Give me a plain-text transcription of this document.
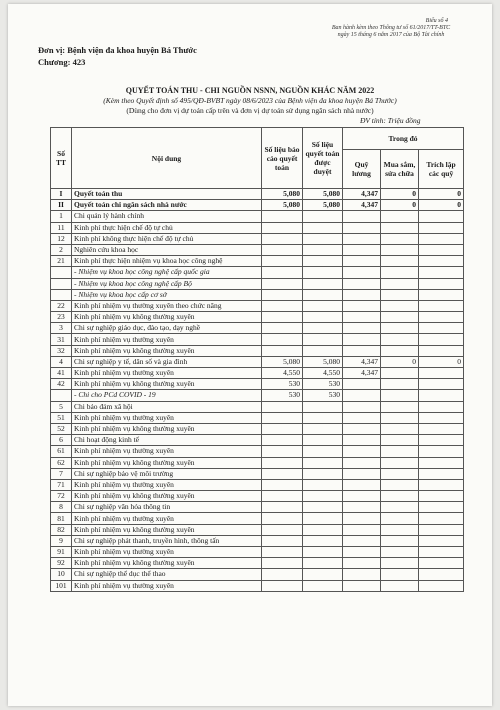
Biểu số 4
Ban hành kèm theo Thông tư số 61/2017/TT-BTC
ngày 15 tháng 6 năm 2017 của Bộ Tài chính
Đơn vị: Bệnh viện đa khoa huyện Bá Thước
Chương: 423
QUYẾT TOÁN THU - CHI NGUỒN NSNN, NGUỒN KHÁC NĂM 2022
(Kèm theo Quyết định số 495/QĐ-BVBT ngày 08/6/2023 của Bệnh viện đa khoa huyện Bá Thước)
(Dùng cho đơn vị dự toán cấp trên và đơn vị dự toán sử dụng ngân sách nhà nước)
ĐV tính: Triệu đồng
Số TT	Nội dung	Số liệu báo cáo quyết toán	Số liệu quyết toán được duyệt	Trong đó		
				Quỹ lương	Mua sắm, sửa chữa	Trích lập các quỹ
I	Quyết toán thu	5,080	5,080	4,347	0	0
II	Quyết toán chi ngân sách nhà nước	5,080	5,080	4,347	0	0
1	Chi quản lý hành chính					
11	Kinh phí thực hiện chế độ tự chủ					
12	Kinh phí không thực hiện chế độ tự chủ					
2	Nghiên cứu khoa học					
21	Kinh phí thực hiện nhiệm vụ khoa học công nghệ					
	- Nhiệm vụ khoa học công nghệ cấp quốc gia					
	- Nhiệm vụ khoa học công nghệ cấp Bộ					
	- Nhiệm vụ khoa học cấp cơ sở					
22	Kinh phí nhiệm vụ thường xuyên theo chức năng					
23	Kinh phí nhiệm vụ không thường xuyên					
3	Chi sự nghiệp giáo dục, đào tạo, dạy nghề					
31	Kinh phí nhiệm vụ thường xuyên					
32	Kinh phí nhiệm vụ không thường xuyên					
4	Chi sự nghiệp y tế, dân số và gia đình	5,080	5,080	4,347	0	0
41	Kinh phí nhiệm vụ thường xuyên	4,550	4,550	4,347		
42	Kinh phí nhiệm vụ không thường xuyên	530	530			
	- Chi cho PCd COVID - 19	530	530			
5	Chi bảo đảm xã hội					
51	Kinh phí nhiệm vụ thường xuyên					
52	Kinh phí nhiệm vụ không thường xuyên					
6	Chi hoạt động kinh tế					
61	Kinh phí nhiệm vụ thường xuyên					
62	Kinh phí nhiệm vụ không thường xuyên					
7	Chi sự nghiệp bảo vệ môi trường					
71	Kinh phí nhiệm vụ thường xuyên					
72	Kinh phí nhiệm vụ không thường xuyên					
8	Chi sự nghiệp văn hóa thông tin					
81	Kinh phí nhiệm vụ thường xuyên					
82	Kinh phí nhiệm vụ không thường xuyên					
9	Chi sự nghiệp phát thanh, truyền hình, thông tấn					
91	Kinh phí nhiệm vụ thường xuyên					
92	Kinh phí nhiệm vụ không thường xuyên					
10	Chi sự nghiệp thể dục thể thao					
101	Kinh phí nhiệm vụ thường xuyên					
